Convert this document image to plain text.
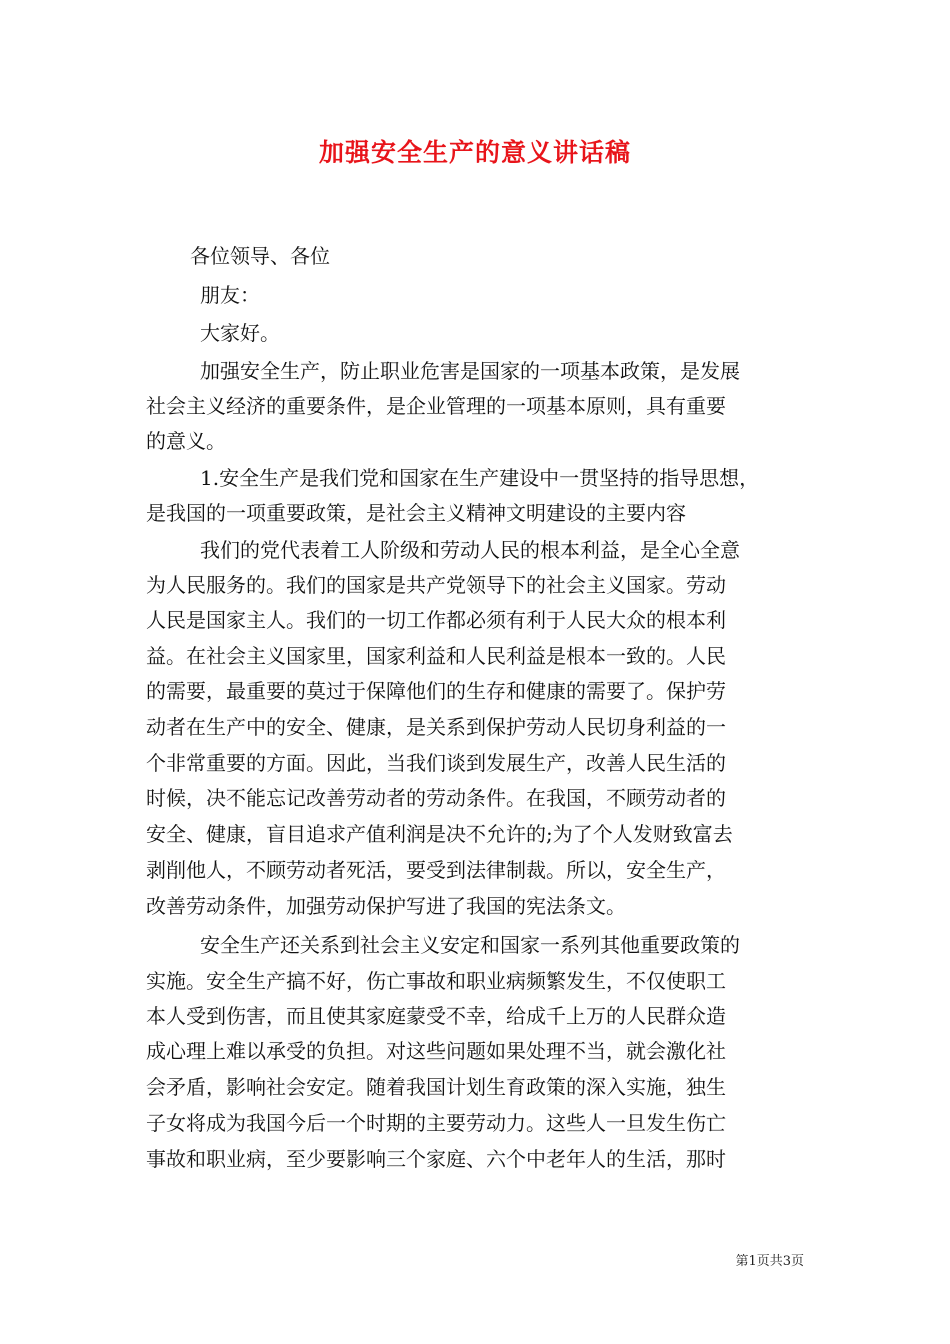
加强安全生产的意义讲话稿
各位领导、各位
朋友：
大家好。
加强安全生产，防止职业危害是国家的一项基本政策，是发展
社会主义经济的重要条件，是企业管理的一项基本原则，具有重要
的意义。
1.安全生产是我们党和国家在生产建设中一贯坚持的指导思想，
是我国的一项重要政策，是社会主义精神文明建设的主要内容
我们的党代表着工人阶级和劳动人民的根本利益，是全心全意
为人民服务的。我们的国家是共产党领导下的社会主义国家。劳动
人民是国家主人。我们的一切工作都必须有利于人民大众的根本利
益。在社会主义国家里，国家利益和人民利益是根本一致的。人民
的需要，最重要的莫过于保障他们的生存和健康的需要了。保护劳
动者在生产中的安全、健康，是关系到保护劳动人民切身利益的一
个非常重要的方面。因此，当我们谈到发展生产，改善人民生活的
时候，决不能忘记改善劳动者的劳动条件。在我国，不顾劳动者的
安全、健康，盲目追求产值利润是决不允许的;为了个人发财致富去
剥削他人，不顾劳动者死活，要受到法律制裁。所以，安全生产，
改善劳动条件，加强劳动保护写进了我国的宪法条文。
安全生产还关系到社会主义安定和国家一系列其他重要政策的
实施。安全生产搞不好，伤亡事故和职业病频繁发生，不仅使职工
本人受到伤害，而且使其家庭蒙受不幸，给成千上万的人民群众造
成心理上难以承受的负担。对这些问题如果处理不当，就会激化社
会矛盾，影响社会安定。随着我国计划生育政策的深入实施，独生
子女将成为我国今后一个时期的主要劳动力。这些人一旦发生伤亡
事故和职业病，至少要影响三个家庭、六个中老年人的生活，那时
第1页共3页
